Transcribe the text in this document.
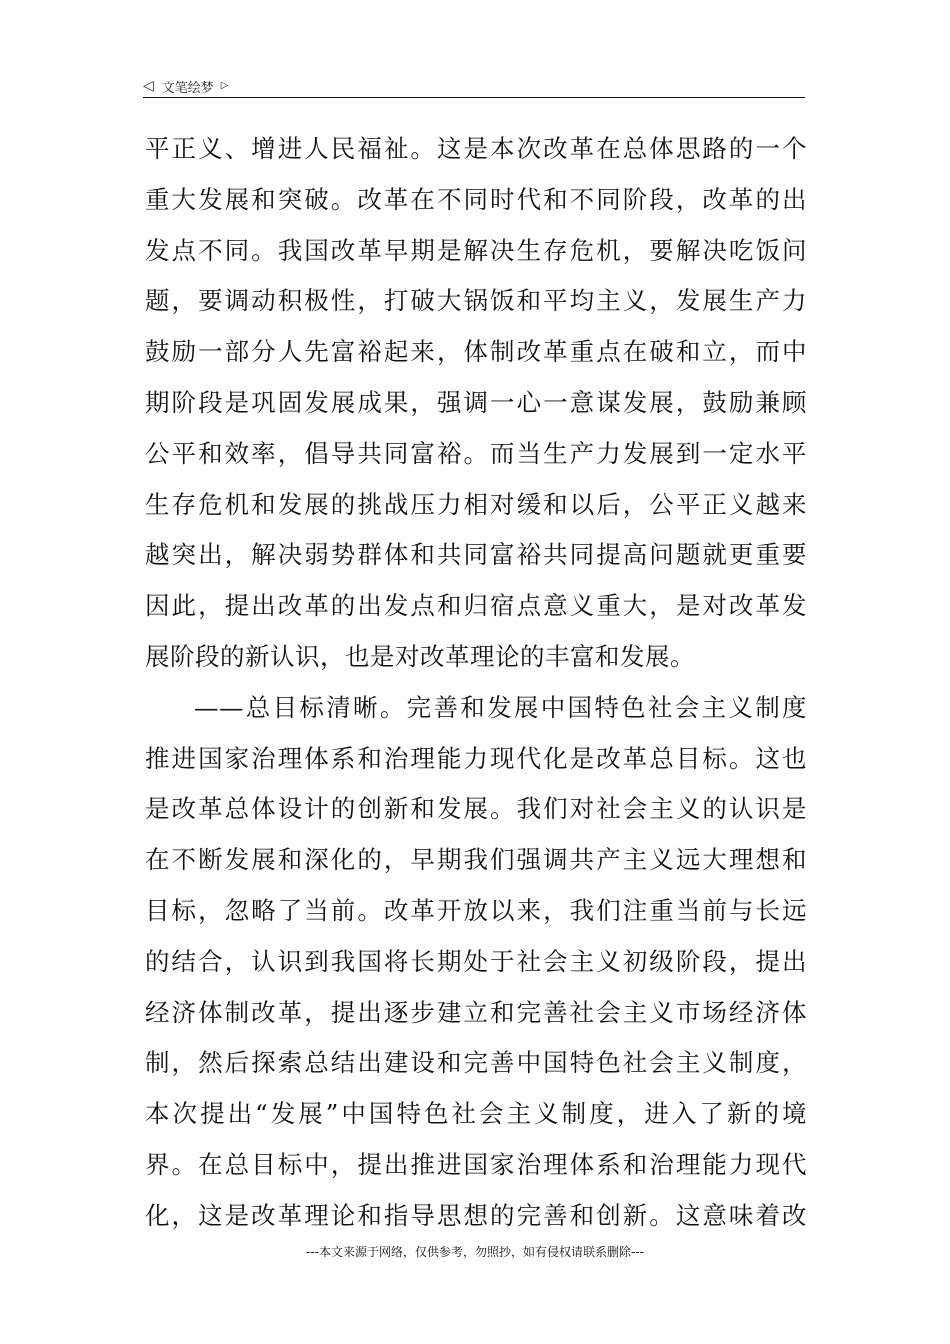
◁ 文笔绘梦 ▷
平正义、增进人民福祉。这是本次改革在总体思路的一个
重大发展和突破。改革在不同时代和不同阶段，改革的出
发点不同。我国改革早期是解决生存危机，要解决吃饭问
题，要调动积极性，打破大锅饭和平均主义，发展生产力
鼓励一部分人先富裕起来，体制改革重点在破和立，而中
期阶段是巩固发展成果，强调一心一意谋发展，鼓励兼顾
公平和效率，倡导共同富裕。而当生产力发展到一定水平
生存危机和发展的挑战压力相对缓和以后，公平正义越来
越突出，解决弱势群体和共同富裕共同提高问题就更重要
因此，提出改革的出发点和归宿点意义重大，是对改革发
展阶段的新认识，也是对改革理论的丰富和发展。
——总目标清晰。完善和发展中国特色社会主义制度
推进国家治理体系和治理能力现代化是改革总目标。这也
是改革总体设计的创新和发展。我们对社会主义的认识是
在不断发展和深化的，早期我们强调共产主义远大理想和
目标，忽略了当前。改革开放以来，我们注重当前与长远
的结合，认识到我国将长期处于社会主义初级阶段，提出
经济体制改革，提出逐步建立和完善社会主义市场经济体
制，然后探索总结出建设和完善中国特色社会主义制度，
本次提出“发展”中国特色社会主义制度，进入了新的境
界。在总目标中，提出推进国家治理体系和治理能力现代
化，这是改革理论和指导思想的完善和创新。这意味着改
---本文来源于网络，仅供参考，勿照抄，如有侵权请联系删除---
